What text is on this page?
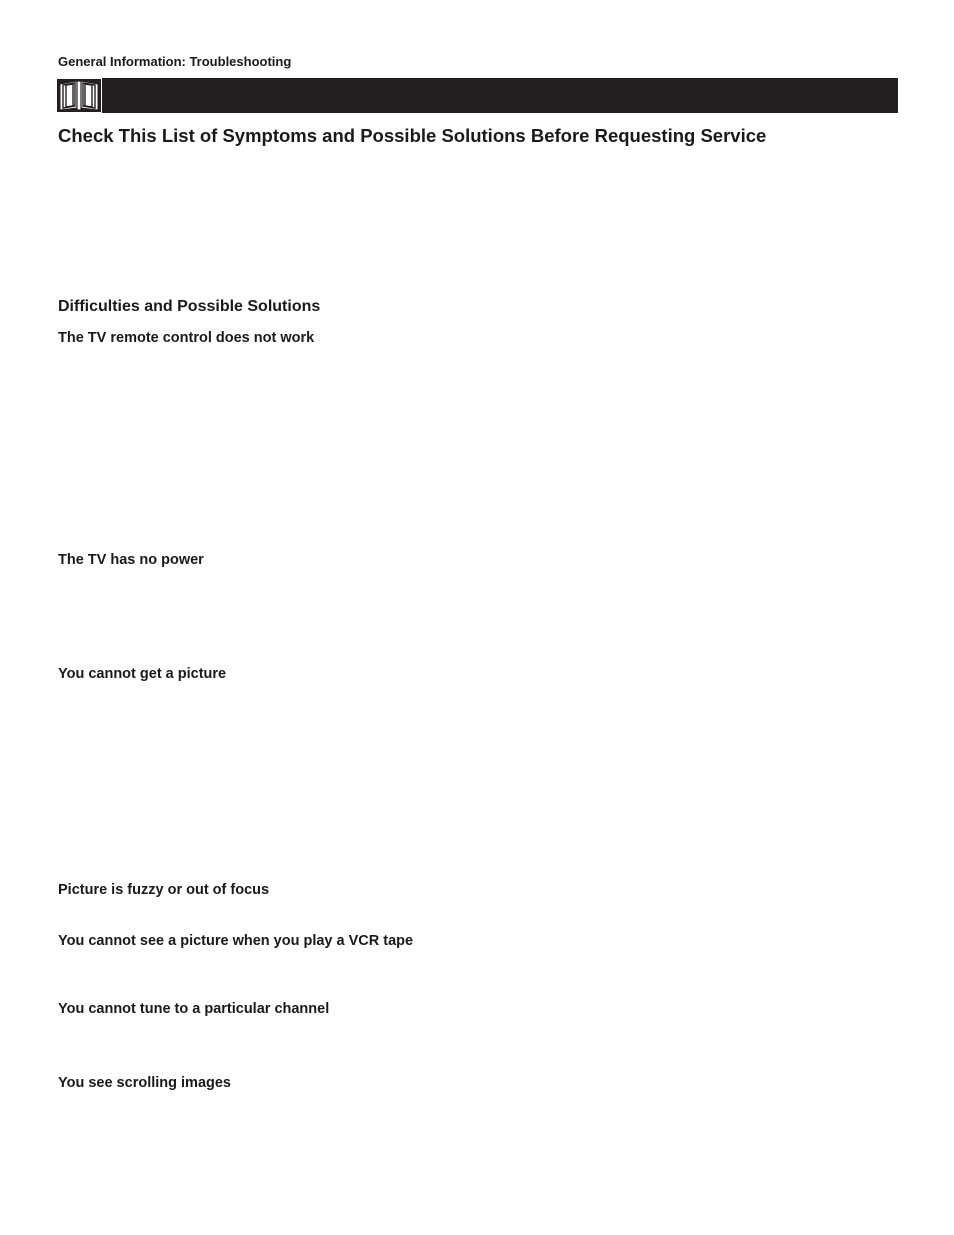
General Information: Troubleshooting
Check This List of Symptoms and Possible Solutions Before Requesting Service
Difficulties and Possible Solutions
The TV remote control does not work
The TV has no power
You cannot get a picture
Picture is fuzzy or out of focus
You cannot see a picture when you play a VCR tape
You cannot tune to a particular channel
You see scrolling images
